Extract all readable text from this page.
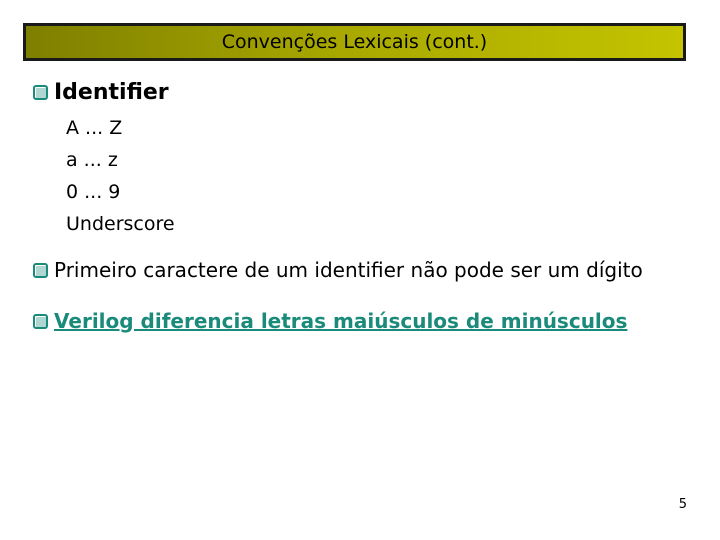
Convenções Lexicais (cont.)
Identifier
A ... Z
a ... z
0 ... 9
Underscore
Primeiro caractere de um identifier não pode ser um dígito
Verilog diferencia letras maiúsculos de minúsculos
5
